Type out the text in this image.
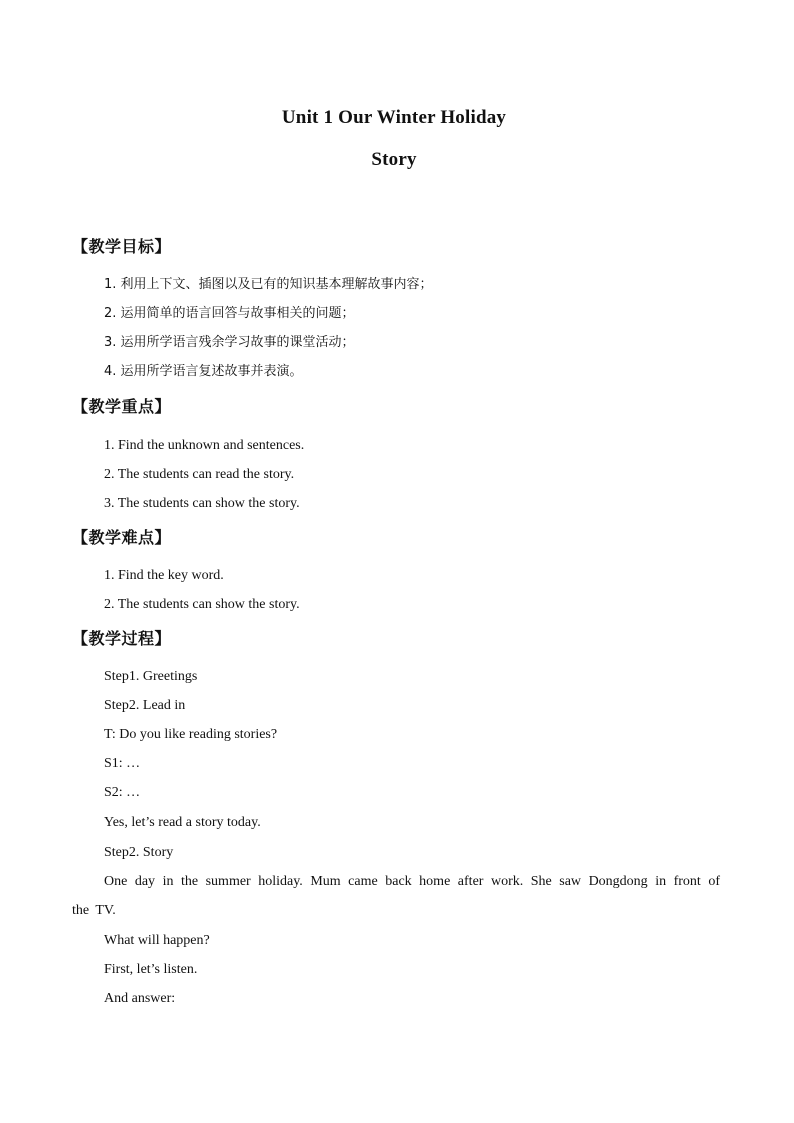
Unit 1 Our Winter Holiday
Story
【教学目标】
1. 利用上下文、插图以及已有的知识基本理解故事内容；
2. 运用简单的语言回答与故事相关的问题；
3. 运用所学语言残余学习故事的课堂活动；
4. 运用所学语言复述故事并表演。
【教学重点】
1. Find the unknown and sentences.
2. The students can read the story.
3. The students can show the story.
【教学难点】
1. Find the key word.
2. The students can show the story.
【教学过程】
Step1. Greetings
Step2. Lead in
T: Do you like reading stories?
S1: …
S2: …
Yes, let’s read a story today.
Step2. Story
One day in the summer holiday. Mum came back home after work. She saw Dongdong in front of the TV.
What will happen?
First, let’s listen.
And answer:
